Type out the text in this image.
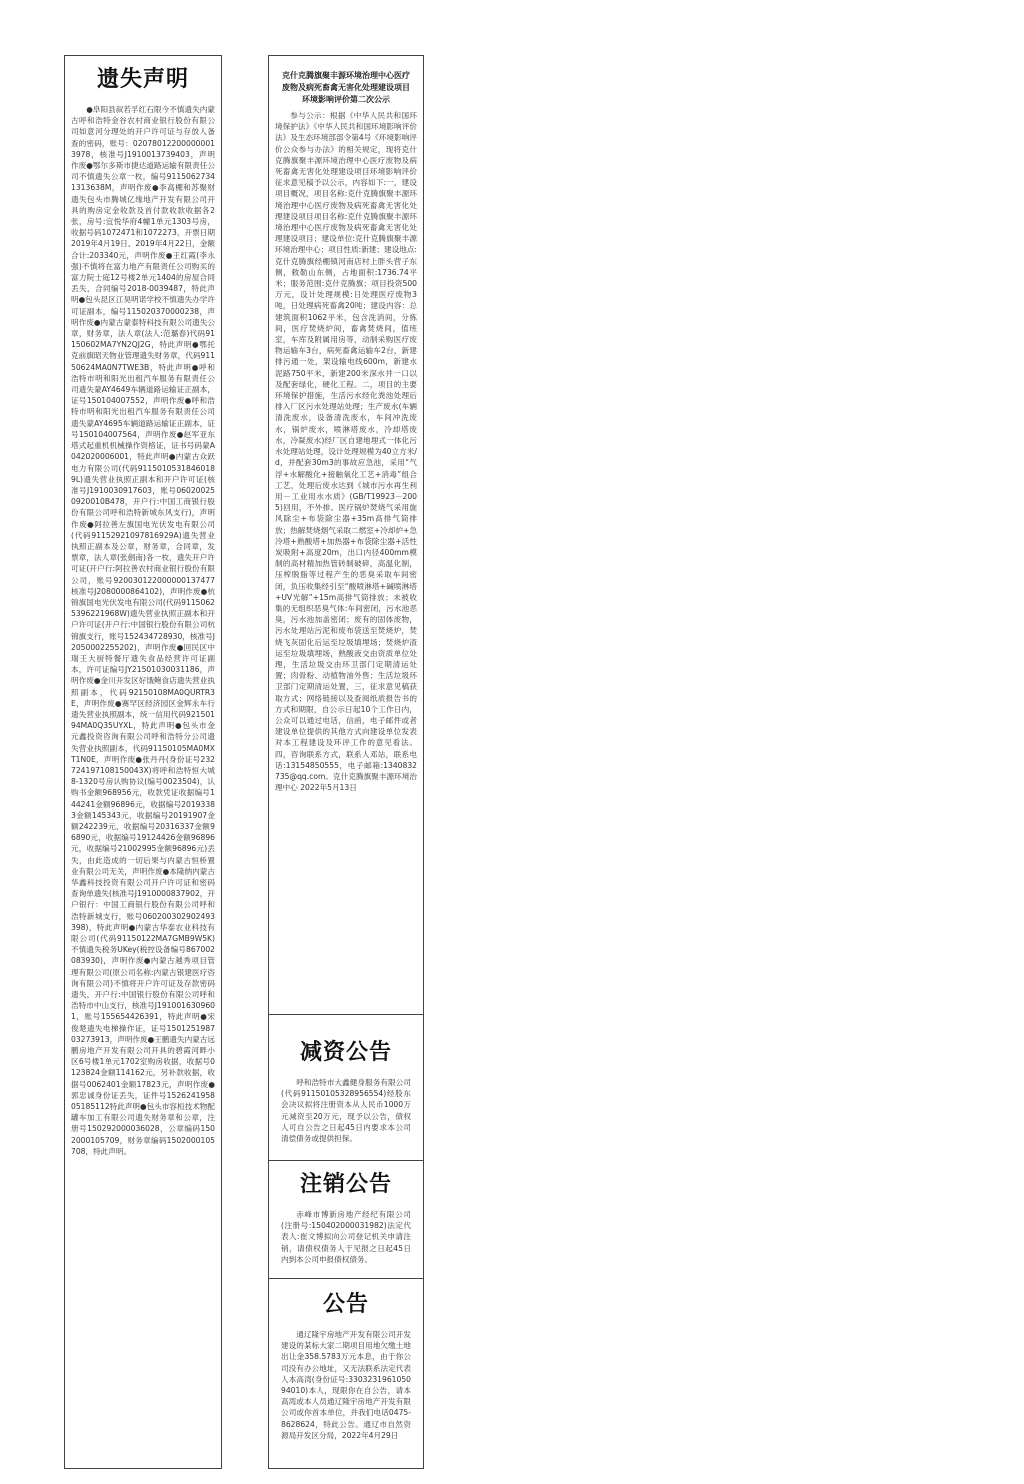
遗失声明

●阜阳县叙若孚红石限今不慎遗失内蒙古呼和浩特金谷农村商业银行股份有限公司如意河分理处的开户许可证与存放人备查的密码，账号：020780122000000013978，核准号J1910013739403，声明作废●鄂尔多斯市捷达道路运输有限责任公司不慎遗失公章一枚，编号91150627341313638M，声明作废●李高棚和苏聚财遗失包头市腾城亿缘地产开发有限公司开具的购房定金收款及首付款收款收据各2张，房号:宜悦华府4幢1单元1303号房，收据号码1072471和1072273，开票日期2019年4月19日、2019年4月22日，金额合计:203340元，声明作废●王红霞(李永强)不慎将在富力地产有限责任公司购买的富力院士庭12号楼2单元1404的房屋合同丢失，合同编号2018-0039487，特此声明●包头昆区江昊明诺学校不慎遗失办学许可证副本，编号115020370000238，声明作废●内蒙古蒙泰特科技有限公司遗失公章，财务章，法人章(法人:范璐春)代码91150602MA7YN2QJ2G，特此声明●鄂托克前旗昭天物业管理遗失财务章，代码91150624MA0N7TWE3B，特此声明●呼和浩特市明和阳光出租汽车服务有限责任公司遗失蒙AY4649车辆道路运输证正副本，证号150104007552，声明作废●呼和浩特市明和阳光出租汽车服务有限责任公司遗失蒙AY4695车辆道路运输证正副本，证号150104007564，声明作废●赵军亚东塔式起重机机械操作资格证，证书号码蒙A042020006001，特此声明●内蒙古众跃电力有限公司(代码91150105318460189L)遗失营业执照正副本和开户许可证(核准号J1910030917603，账号060200250920010B478，开户行:中国工商银行股份有限公司呼和浩特新城东风支行)，声明作废●阿拉善左旗国电光伏发电有限公司(代码91152921097816929A)遗失营业执照正副本及公章，财务章，合同章，发票章，法人章(张劍南)各一枚，遗失开户许可证(开户行:阿拉善农村商业银行股份有限公司，账号920030122000000137477核准号J2080000864102)，声明作废●杭锦旗国电光伏发电有限公司(代码91150625396221968W)遗失营业执照正副本和开户许可证(开户行:中国银行股份有限公司杭锦旗支行，账号152434728930，核准号J2050002255202)，声明作废●回民区中瑞王大厨特餐厅遗失食品经营许可证副本，许可证编号JY21501030031186，声明作废●金川开发区好饿鲍食店遗失营业执照副本，代码92150108MA0QURTR3E，声明作废●赛罕区经济园区金辉永车行遗失营业执照副本，统一信用代码92150194MA0Q35UYXL，特此声明●包头市金元鑫投资咨询有限公司呼和浩特分公司遗失营业执照副本，代码91150105MA0MXT1N0E，声明作废●张丹丹(身份证号232724197108150043X)将呼和浩特恒大城8-1320号房认购协议(编号0023504)，认购书金额968956元，收款凭证收据编号144241金额96896元，收据编号20193383金额145343元，收据编号20191907金额242239元，收据编号20316337金额96890元，收据编号19124426金额96896元，收据编号21002995金额96896元)丢失，由此造成的一切后果与内蒙古恒桥置业有限公司无关，声明作废●本隆纳内蒙古华鑫科技投资有限公司开户许可证和密码查询单遗失(核准号J1910000837902，开户银行：中国工商银行股份有限公司呼和浩特新城支行，账号060200302902493398)，特此声明●内蒙古华泰农业科技有限公司(代码91150122MA7GMB9W5K)不慎遗失税务UKey(税控设备编号867002083930)，声明作废●内蒙古越秀项目管理有限公司(原公司名称:内蒙古银建医疗咨询有限公司)不慎将开户许可证及存款密码遗失，开户行:中国银行股份有限公司呼和浩特市中山支行，核准号J1910016309601，账号155654426391，特此声明●宋俊楚遗失电梯操作证，证号150125198703273913，声明作废●王鹏遗失内蒙古远鹏房地产开发有限公司开具的碧霞河畔小区6号楼1单元1702室购房收据，收据号0123824金额114162元，另补款收据，收据号0062401金额17823元，声明作废●郭忠诚身份证丢失，证件号152624195805185112特此声明●包头市容桓技术物配罐车加工有限公司遗失财务章和公章，注册号150292000036028，公章编码1502000105709，财务章编码1502000105708，特此声明。

克什克腾旗聚丰源环境治理中心医疗废物及病死畜禽无害化处理建设项目环境影响评价第二次公示

参与公示：根据《中华人民共和国环境保护法》《中华人民共和国环境影响评价法》及生态环境部部令第4号《环境影响评价公众参与办法》的相关规定，现将克什克腾旗聚丰源环境治理中心医疗废物及病死畜禽无害化处理建设项目环境影响评价征求意见稿予以公示，内容如下:一，建设项目概况，项目名称:克什克腾旗聚丰源环境治理中心医疗废物及病死畜禽无害化处理建设项目项目名称:克什克腾旗聚丰源环境治理中心医疗废物及病死畜禽无害化处理建设项目；建设单位:克什克腾旗聚丰源环境治理中心；项目性质:新建；建设地点:克什克腾旗经棚镇河南店村上胖头营子东侧，敕勒山东侧，占地面积:1736.74平米；服务范围:克什克腾旗；项目投资500万元，设计处理规模:日处理医疗废物3吨，日处理病死畜禽20吨；建设内容：总建筑面积1062平米，包含洗消间，分拣间，医疗焚烧炉间，畜禽焚烧间，值班室，车库及附属用房等，动制采购医疗废物运输车3台，病死畜禽运输车2台，新建排污通一处，架设输电线600m，新建水泥路750平米，新建200米深水井一口以及配套绿化，硬化工程。二，项目的主要环境保护措施，生活污水经化粪池处理后排入厂区污水处理站处理；生产废水(车辆清洗废水，设备清洗废水，车间冲洗废水，锅炉废水，喷淋塔废水，冷却塔废水，冷凝废水)经厂区自建地埋式一体化污水处理站处理，设计处理规模为40立方米/d，并配套30m3的事故应急池，采用“气浮+水解酸化+接触氧化工艺+消毒”组合工艺，处理后废水达到《城市污水再生利用－工业用水水质》(GB/T19923－2005)回用，不外排。医疗锅炉焚烧气采用旋风除尘+布袋除尘器+35m高排气筒排放；热解焚烧烟气采取二燃室+冷却炉+急冷塔+熟酸塔+加热器+布袋除尘器+活性炭吸附+高度20m，出口内径400mm模制的高材精加热管砖制破碎，高温化制，压榨脱脂等过程产生的恶臭采取车间密闭，负压收集经引至“酸喷淋塔+碱喷淋塔+UV光解”+15m高排气筒排放；未被收集的无组织恶臭气体:车间密闭，污水池恶臭，污水池加盖密闭；废有的固体废物，污水处理站污泥和废布袋送至焚烧炉，焚烧飞灰固化后运至垃圾填埋场；焚烧炉渣运至垃圾填埋场，熟酸液交由资质单位处理，生活垃圾交由环卫部门定期清运处置；肉骨粉、动植物油外售；生活垃圾环卫部门定期清运处置，三，征求意见稿获取方式；网络链接以及查阅纸质报告书的方式和期限，自公示日起10个工作日内，公众可以通过电话，信函，电子邮件或者建设单位提供的其他方式向建设单位发表对本工程建设及环评工作的意见看法。四，咨询联系方式，联系人邓站，联系电话:13154850555，电子邮箱:1340832735@qq.com。克什克腾旗聚丰源环境治理中心 2022年5月13日

减资公告

呼和浩特市大鑫健身服务有限公司(代码91150105328956554)经股东会决议拟将注册资本从人民币1000万元减资至20万元，现予以公告，债权人可自公告之日起45日内要求本公司清偿债务或提供担保。

注销公告

赤峰市博新房地产经纪有限公司(注册号:150402000031982)法定代表人:崔文博拟向公司登记机关申请注销，请债权债务人于见报之日起45日内到本公司申报债权债务。

公告

通辽隆宇房地产开发有限公司开发建设的某标大家二期项目用地欠缴土地出让金358.5783万元本息，由于你公司没有办公地址，又无法联系法定代表人本高湾(身份证号:330323196105094010)本人，现限你在自公告，请本高湾或本人员通辽隆宇房地产开发有限公司或你首本单位，并我们电话0475-8628624，特此公告。通辽市自然资源局开发区分局，2022年4月29日
